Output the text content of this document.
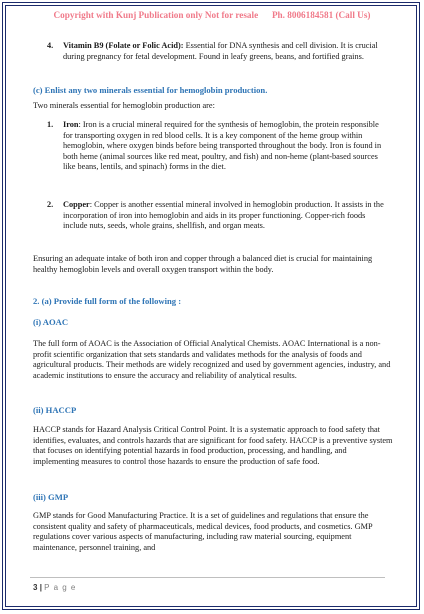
Copyright with Kunj Publication only Not for resale Ph. 8006184581 (Call Us)
4. Vitamin B9 (Folate or Folic Acid): Essential for DNA synthesis and cell division. It is crucial during pregnancy for fetal development. Found in leafy greens, beans, and fortified grains.
(c) Enlist any two minerals essential for hemoglobin production.

Two minerals essential for hemoglobin production are:

1. Iron: Iron is a crucial mineral required for the synthesis of hemoglobin, the protein responsible for transporting oxygen in red blood cells. It is a key component of the heme group within hemoglobin, where oxygen binds before being transported throughout the body. Iron is found in both heme (animal sources like red meat, poultry, and fish) and non-heme (plant-based sources like beans, lentils, and spinach) forms in the diet.
2. Copper: Copper is another essential mineral involved in hemoglobin production. It assists in the incorporation of iron into hemoglobin and aids in its proper functioning. Copper-rich foods include nuts, seeds, whole grains, shellfish, and organ meats.

Ensuring an adequate intake of both iron and copper through a balanced diet is crucial for maintaining healthy hemoglobin levels and overall oxygen transport within the body.

2. (a) Provide full form of the following :
(i) AOAC

The full form of AOAC is the Association of Official Analytical Chemists. AOAC International is a non-profit scientific organization that sets standards and validates methods for the analysis of foods and agricultural products. Their methods are widely recognized and used by government agencies, industry, and academic institutions to ensure the accuracy and reliability of analytical results.

(ii) HACCP

HACCP stands for Hazard Analysis Critical Control Point. It is a systematic approach to food safety that identifies, evaluates, and controls hazards that are significant for food safety. HACCP is a preventive system that focuses on identifying potential hazards in food production, processing, and handling, and implementing measures to control those hazards to ensure the production of safe food.

(iii) GMP

GMP stands for Good Manufacturing Practice. It is a set of guidelines and regulations that ensure the consistent quality and safety of pharmaceuticals, medical devices, food products, and cosmetics. GMP regulations cover various aspects of manufacturing, including raw material sourcing, equipment maintenance, personnel training, and

3 | P a g e
